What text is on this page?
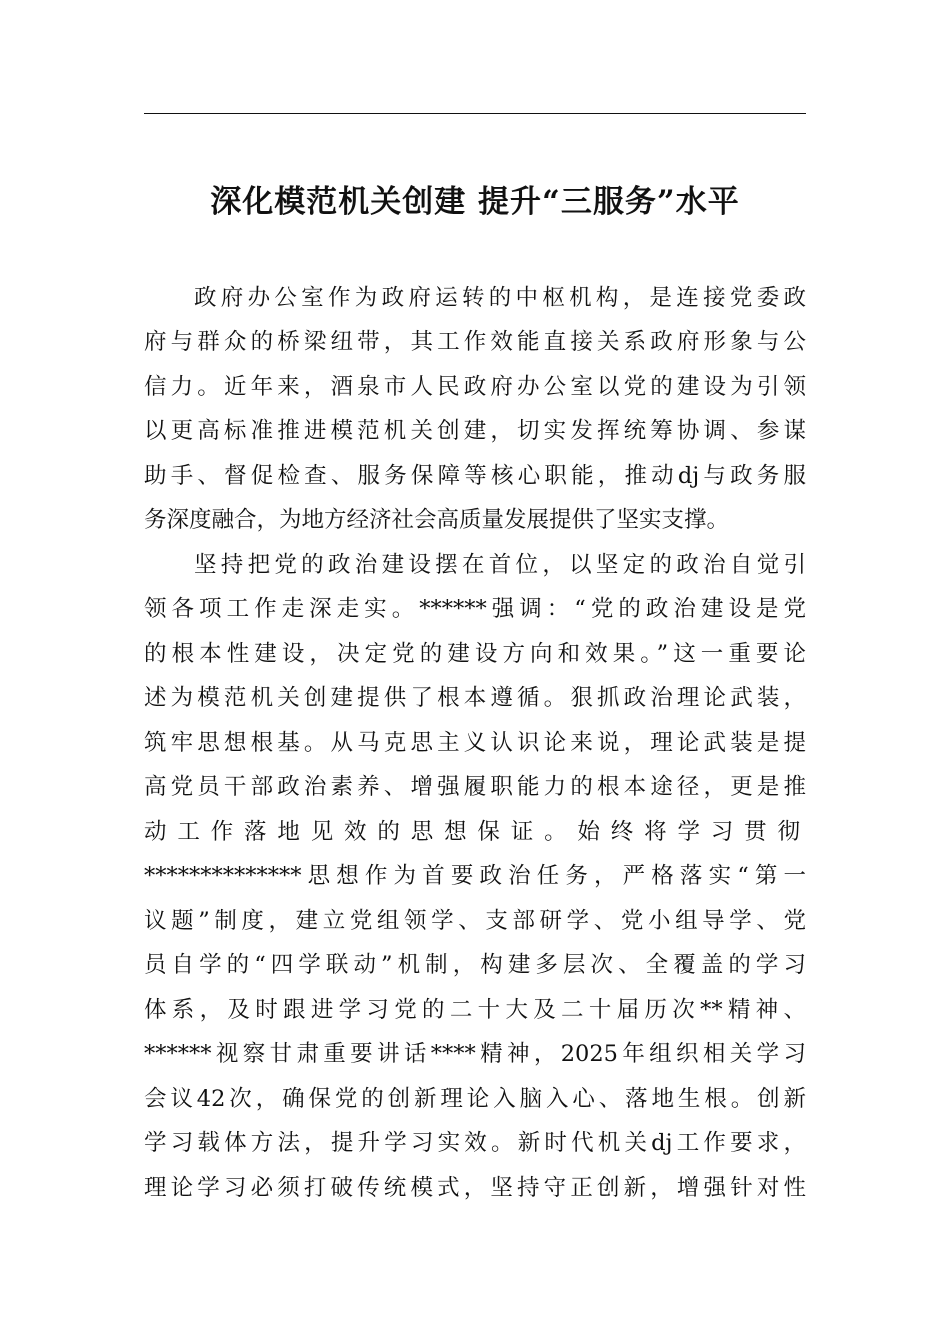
深化模范机关创建 提升“三服务”水平
政府办公室作为政府运转的中枢机构，是连接党委政
府与群众的桥梁纽带，其工作效能直接关系政府形象与公
信力。近年来，酒泉市人民政府办公室以党的建设为引领
以更高标准推进模范机关创建，切实发挥统筹协调、参谋
助手、督促检查、服务保障等核心职能，推动dj与政务服
务深度融合，为地方经济社会高质量发展提供了坚实支撑。
坚持把党的政治建设摆在首位，以坚定的政治自觉引
领各项工作走深走实。******强调：“党的政治建设是党
的根本性建设，决定党的建设方向和效果。”这一重要论
述为模范机关创建提供了根本遵循。狠抓政治理论武装，
筑牢思想根基。从马克思主义认识论来说，理论武装是提
高党员干部政治素养、增强履职能力的根本途径，更是推
动工作落地见效的思想保证。始终将学习贯彻
**************思想作为首要政治任务，严格落实“第一
议题”制度，建立党组领学、支部研学、党小组导学、党
员自学的“四学联动”机制，构建多层次、全覆盖的学习
体系，及时跟进学习党的二十大及二十届历次**精神、
******视察甘肃重要讲话****精神，2025年组织相关学习
会议42次，确保党的创新理论入脑入心、落地生根。创新
学习载体方法，提升学习实效。新时代机关dj工作要求，
理论学习必须打破传统模式，坚持守正创新，增强针对性
